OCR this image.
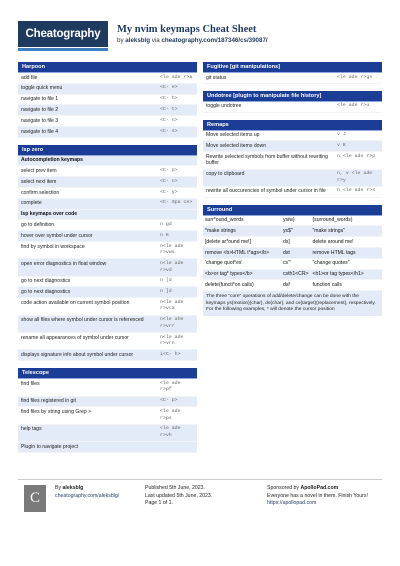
Cheatography	My nvim keymaps Cheat Sheet
by aleksblg via cheatography.com/187346/cs/39087/
Harpoon
add file	<le ade r>a
toggle quick menu	<C- e>
navigate to file 1	<C- h>
navigate to file 2	<C- t>
navigate to file 3	<C- n>
navigate to file 4	<C- s>
lsp zero
Autocompletion keymaps	
select prev item	<C- p>
select next item	<C- n>
confirm selection	<C- y>
complete	<C- Spa ce>
lsp keymaps over code	
go to definition	n gd
hover over symbol under cursor	n K
find by symbol in workspace	n<le ade r>vws
open error diagnostics in float window	n<le ade r>vd
go to next diagnostics	n [d
go to next diagnostics	n ]d
code action available on current symbol position	n<le ade r>vca
show all files where symbol under cursor is referenced	n<le ahe r>vrr
rename all appearances of symbol under cursor	n<le ade r>vrn
displays signature info about symbol under cursor	i<C- h>
Telescope
find files	<le ade r>pf
find files registered in git	<C- p>
find files by string using Grep >	<le ade r>ps
help tags	<le ade r>vh
Plugin to navigate project	
Fugitive [git manipulations]
git status	<le ade r>gs
Undotree [plugin to manipulate file history]
toggle undotree	<le ade r>u
Remaps
Move selected items up	v J
Move selected items down	v K
Rewrite selected symbols from buffer without rewriting buffer	n <le ade r>p
copy to clipboard	n, v <le ade r>y
rewrite all ouccurencies of symbol under cursor in file	n <le ade r>s
Surround
surr*ound_words	ysiw)	(surround_words)
*make strings	ys$"	"make strings"
[delete ar*ound me!]	ds]	delete around me!
remove <b>HTML t*ags</b>	dst	remove HTML tags
'change quot*es'	cs'"	"change quotes"
<b>or tag* types</b>	csth1<CR>	<h1>or tag types</h1>
delete(functi*on calls)	dsf	function calls
The three "core" operations of add/delete/change can be done with the keymaps ys{motion}{char}, ds{char}, and cs{target}{replacement}, respectively. For the following examples, * will denote the cursor position
C
By aleksblg
cheatography.com/aleksblg/
Published 5th June, 2023.
Last updated 5th June, 2023.
Page 1 of 1.
Sponsored by ApolloPad.com
Everyone has a novel in them. Finish Yours!
https://apollopad.com
